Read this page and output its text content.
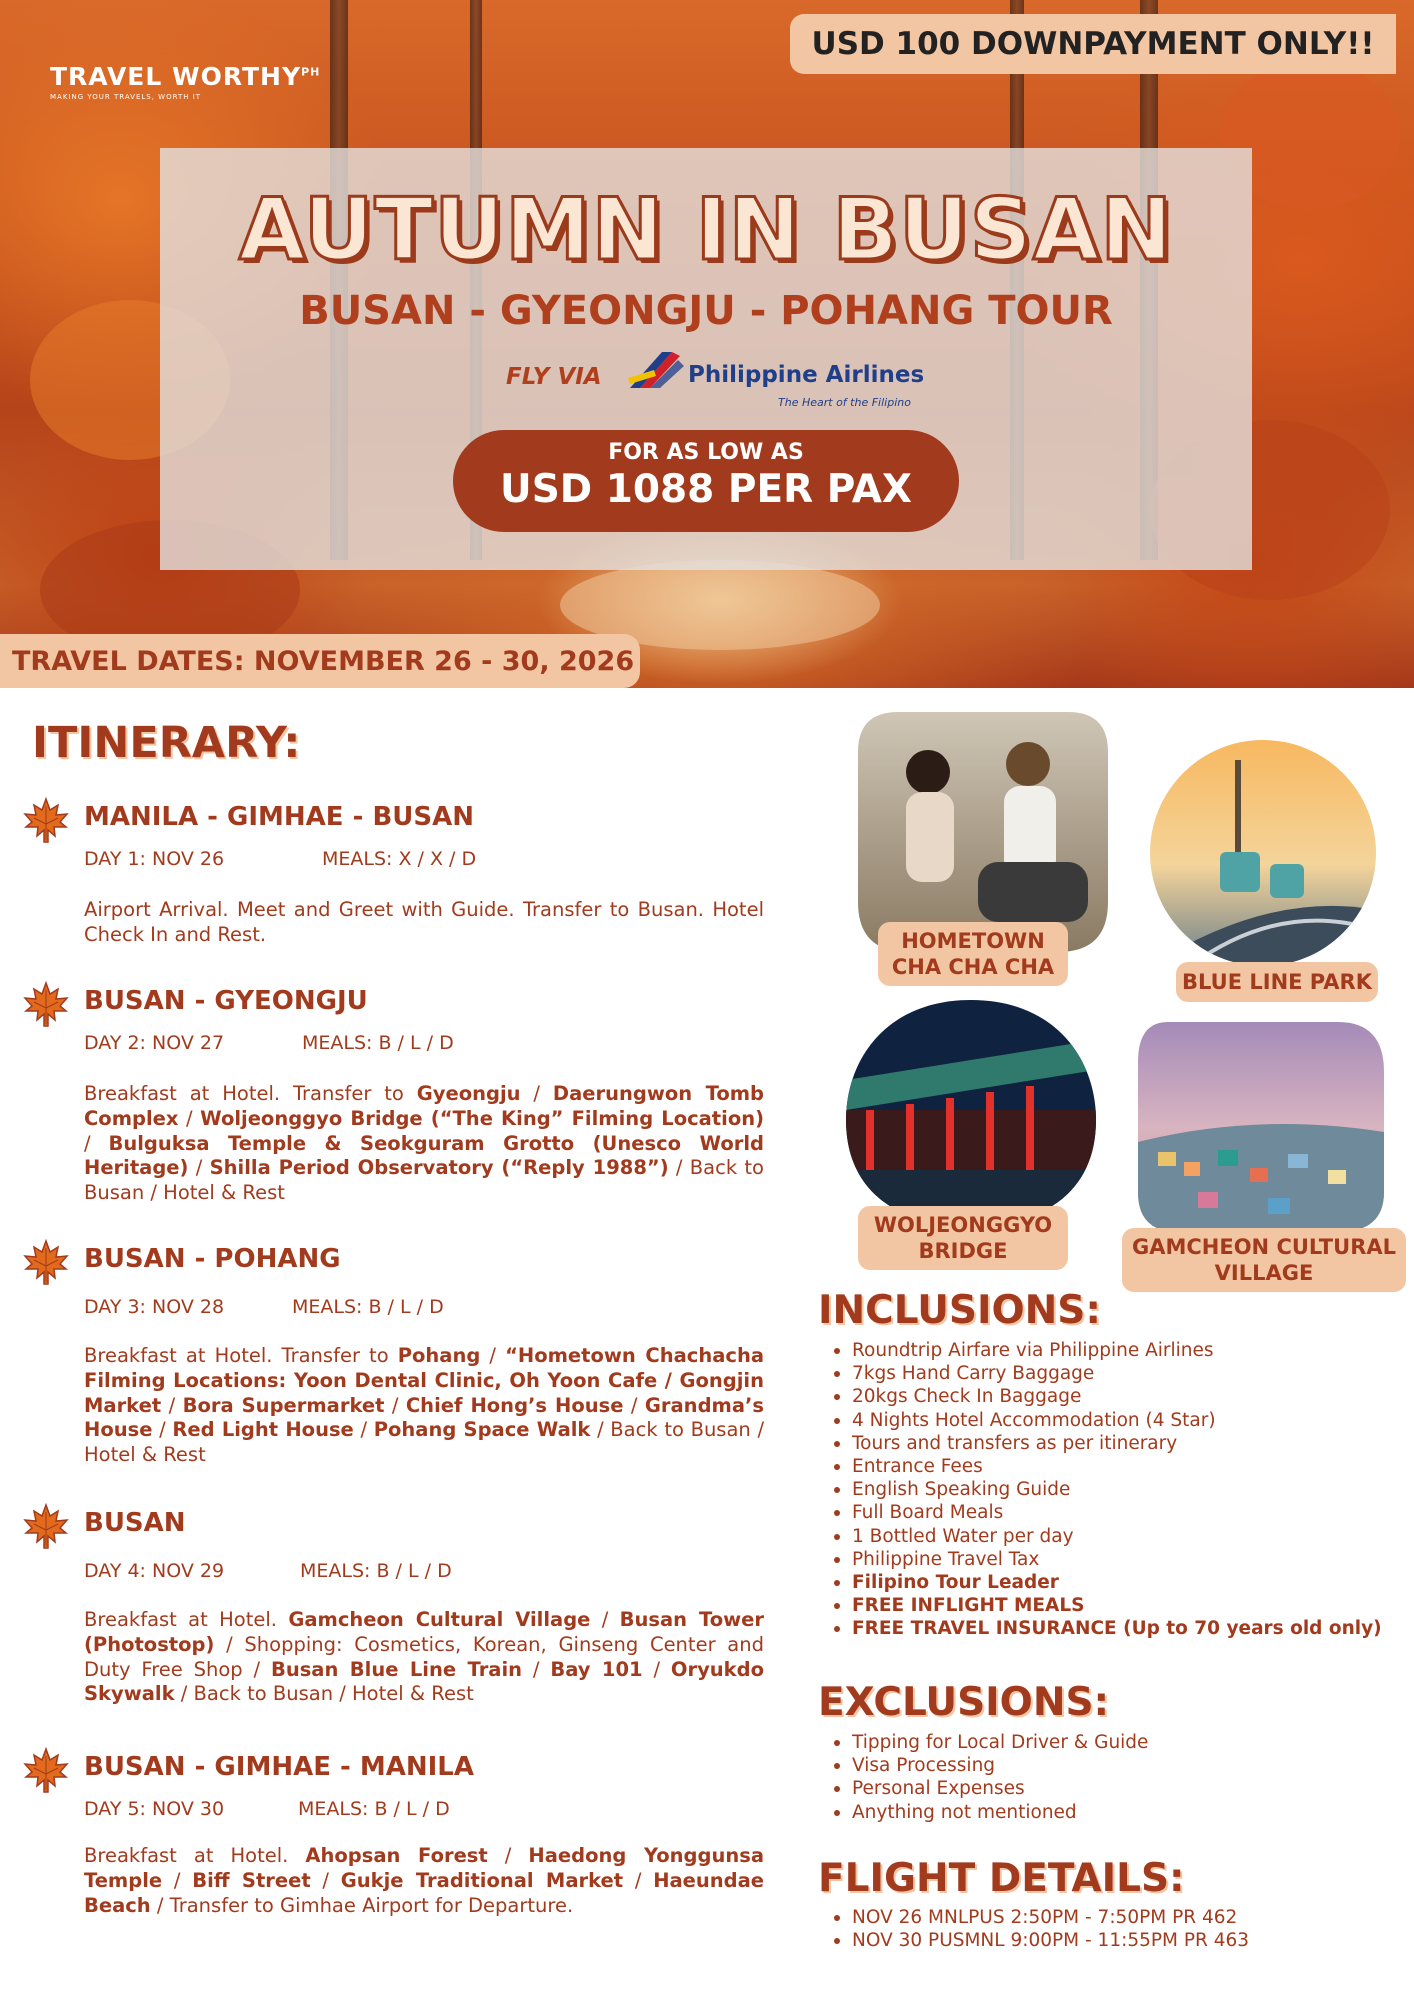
TRAVEL $WORTHY^{PH}$
MAKING YOUR TRAVELS, WORTH IT
USD 100 DOWNPAYMENT ONLY!!
AUTUMN IN BUSAN
BUSAN - GYEONGJU - POHANG TOUR
FLY VIA	Philippine Airlines
The Heart of the Filipino
FOR AS LOW AS
USD 1088 PER PAX
TRAVEL DATES: NOVEMBER 26 - 30, 2026
ITINERARY:
MANILA - GIMHAE - BUSAN
DAY 1: NOV 26	MEALS: X / X / D
Airport Arrival. Meet and Greet with Guide. Transfer to Busan. Hotel Check In and Rest.
BUSAN - GYEONGJU
DAY 2: NOV 27	MEALS: B / L / D
Breakfast at Hotel. Transfer to Gyeongju / Daerungwon Tomb Complex / Woljeonggyo Bridge (“The King” Filming Location) / Bulguksa Temple & Seokguram Grotto (Unesco World Heritage) / Shilla Period Observatory (“Reply 1988”) / Back to Busan / Hotel & Rest
BUSAN - POHANG
DAY 3: NOV 28	MEALS: B / L / D
Breakfast at Hotel. Transfer to Pohang / “Hometown Chachacha Filming Locations: Yoon Dental Clinic, Oh Yoon Cafe / Gongjin Market / Bora Supermarket / Chief Hong’s House / Grandma’s House / Red Light House / Pohang Space Walk / Back to Busan / Hotel & Rest
BUSAN
DAY 4: NOV 29	MEALS: B / L / D
Breakfast at Hotel. Gamcheon Cultural Village / Busan Tower (Photostop) / Shopping: Cosmetics, Korean, Ginseng Center and Duty Free Shop / Busan Blue Line Train / Bay 101 / Oryukdo Skywalk / Back to Busan / Hotel & Rest
BUSAN - GIMHAE - MANILA
DAY 5: NOV 30	MEALS: B / L / D
Breakfast at Hotel. Ahopsan Forest / Haedong Yonggunsa Temple / Biff Street / Gukje Traditional Market / Haeundae Beach / Transfer to Gimhae Airport for Departure.
HOMETOWN CHA CHA CHA
BLUE LINE PARK
WOLJEONGGYO BRIDGE	GAMCHEON CULTURAL VILLAGE
INCLUSIONS:
Roundtrip Airfare via Philippine Airlines
7kgs Hand Carry Baggage
20kgs Check In Baggage
4 Nights Hotel Accommodation (4 Star)
Tours and transfers as per itinerary
Entrance Fees
English Speaking Guide
Full Board Meals
1 Bottled Water per day
Philippine Travel Tax
Filipino Tour Leader
FREE INFLIGHT MEALS
FREE TRAVEL INSURANCE (Up to 70 years old only)
EXCLUSIONS:
Tipping for Local Driver & Guide
Visa Processing
Personal Expenses
Anything not mentioned
FLIGHT DETAILS:
NOV 26 MNLPUS 2:50PM - 7:50PM PR 462
NOV 30 PUSMNL 9:00PM - 11:55PM PR 463
